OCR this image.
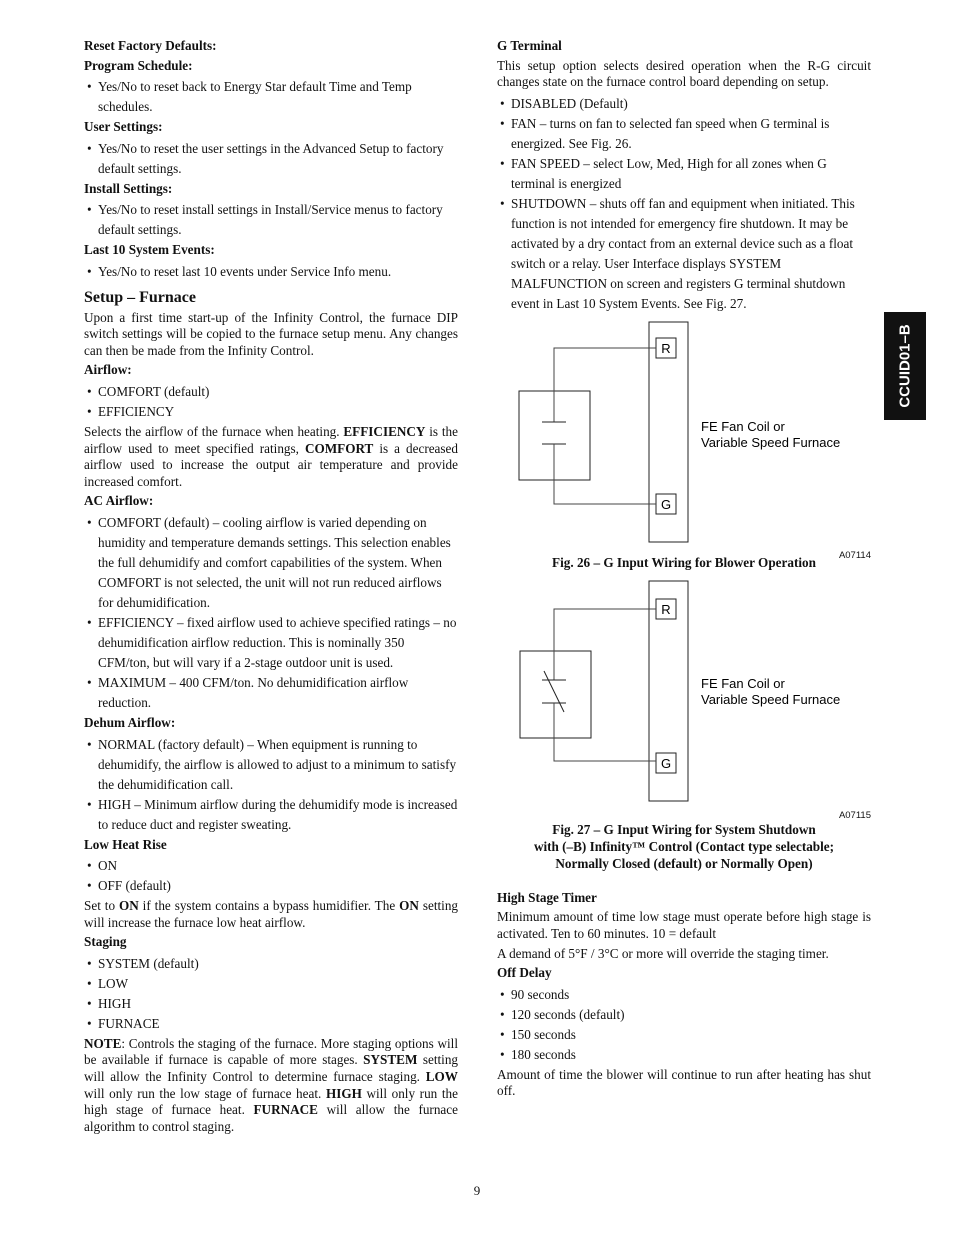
Reset Factory Defaults:
Program Schedule:
• Yes/No to reset back to Energy Star default Time and Temp schedules.
User Settings:
• Yes/No to reset the user settings in the Advanced Setup to factory default settings.
Install Settings:
• Yes/No to reset install settings in Install/Service menus to factory default settings.
Last 10 System Events:
• Yes/No to reset last 10 events under Service Info menu.
Setup – Furnace

Upon a first time start-up of the Infinity Control, the furnace DIP switch settings will be copied to the furnace setup menu. Any changes can then be made from the Infinity Control.

Airflow:
• COMFORT (default)
• EFFICIENCY

Selects the airflow of the furnace when heating. EFFICIENCY is the airflow used to meet specified ratings, COMFORT is a decreased airflow used to increase the output air temperature and provide increased comfort.

AC Airflow:
• COMFORT (default) – cooling airflow is varied depending on humidity and temperature demands settings. This selection enables the full dehumidify and comfort capabilities of the system. When COMFORT is not selected, the unit will not run reduced airflows for dehumidification.
• EFFICIENCY – fixed airflow used to achieve specified ratings – no dehumidification airflow reduction. This is nominally 350 CFM/ton, but will vary if a 2-stage outdoor unit is used.
• MAXIMUM – 400 CFM/ton. No dehumidification airflow reduction.
Dehum Airflow:
• NORMAL (factory default) – When equipment is running to dehumidify, the airflow is allowed to adjust to a minimum to satisfy the dehumidification call.
• HIGH – Minimum airflow during the dehumidify mode is increased to reduce duct and register sweating.
Low Heat Rise
• ON
• OFF (default)

Set to ON if the system contains a bypass humidifier. The ON setting will increase the furnace low heat airflow.

Staging
• SYSTEM (default)
• LOW
• HIGH
• FURNACE

NOTE: Controls the staging of the furnace. More staging options will be available if furnace is capable of more stages. SYSTEM setting will allow the Infinity Control to determine furnace staging. LOW will only run the low stage of furnace heat. HIGH will only run the high stage of furnace heat. FURNACE will allow the furnace algorithm to control staging.

G Terminal

This setup option selects desired operation when the R-G circuit changes state on the furnace control board depending on setup.

• DISABLED (Default)
• FAN – turns on fan to selected fan speed when G terminal is energized. See Fig. 26.
• FAN SPEED – select Low, Med, High for all zones when G terminal is energized
• SHUTDOWN – shuts off fan and equipment when initiated. This function is not intended for emergency fire shutdown. It may be activated by a dry contact from an external device such as a float switch or a relay. User Interface displays SYSTEM MALFUNCTION on screen and registers G terminal shutdown event in Last 10 System Events. See Fig. 27.
R
G
FE Fan Coil or
Variable Speed Furnace
A07114
Fig. 26 – G Input Wiring for Blower Operation
R
G
FE Fan Coil or
Variable Speed Furnace
A07115
Fig. 27 – G Input Wiring for System Shutdown
with (–B) Infinity™ Control (Contact type selectable;
Normally Closed (default) or Normally Open)
High Stage Timer

Minimum amount of time low stage must operate before high stage is activated. Ten to 60 minutes. 10 = default

A demand of 5°F / 3°C or more will override the staging timer.

Off Delay
• 90 seconds
• 120 seconds (default)
• 150 seconds
• 180 seconds

Amount of time the blower will continue to run after heating has shut off.

CCUID01–B
9
